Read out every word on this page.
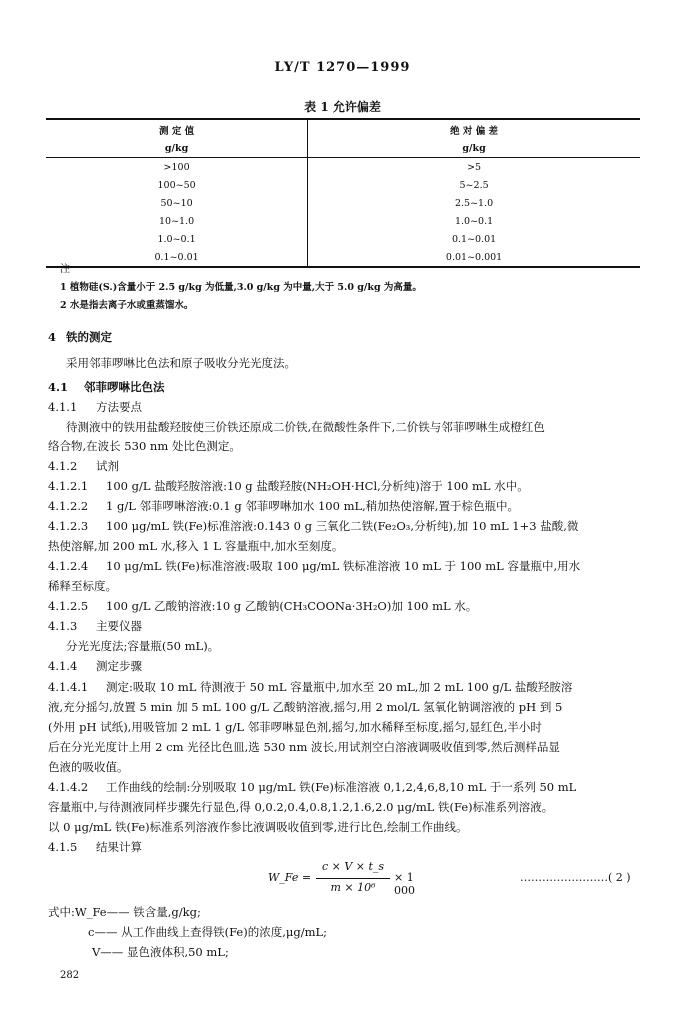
LY/T 1270—1999
表 1 允许偏差
测 定 值	绝 对 偏 差
g/kg	g/kg
>100	>5
100~50	5~2.5
50~10	2.5~1.0
10~1.0	1.0~0.1
1.0~0.1	0.1~0.01
0.1~0.01	0.01~0.001
注
1 植物硅(S.)含量小于 2.5 g/kg 为低量,3.0 g/kg 为中量,大于 5.0 g/kg 为高量。
2 水是指去离子水或重蒸馏水。
4 铁的测定
采用邻菲啰啉比色法和原子吸收分光光度法。
4.1 邻菲啰啉比色法
4.1.1 方法要点
待测液中的铁用盐酸羟胺使三价铁还原成二价铁,在微酸性条件下,二价铁与邻菲啰啉生成橙红色
络合物,在波长 530 nm 处比色测定。
4.1.2 试剂
4.1.2.1 100 g/L 盐酸羟胺溶液:10 g 盐酸羟胺(NH₂OH·HCl,分析纯)溶于 100 mL 水中。
4.1.2.2 1 g/L 邻菲啰啉溶液:0.1 g 邻菲啰啉加水 100 mL,稍加热使溶解,置于棕色瓶中。
4.1.2.3 100 μg/mL 铁(Fe)标准溶液:0.143 0 g 三氧化二铁(Fe₂O₃,分析纯),加 10 mL 1+3 盐酸,微
热使溶解,加 200 mL 水,移入 1 L 容量瓶中,加水至刻度。
4.1.2.4 10 μg/mL 铁(Fe)标准溶液:吸取 100 μg/mL 铁标准溶液 10 mL 于 100 mL 容量瓶中,用水
稀释至标度。
4.1.2.5 100 g/L 乙酸钠溶液:10 g 乙酸钠(CH₃COONa·3H₂O)加 100 mL 水。
4.1.3 主要仪器
分光光度法;容量瓶(50 mL)。
4.1.4 测定步骤
4.1.4.1 测定:吸取 10 mL 待测液于 50 mL 容量瓶中,加水至 20 mL,加 2 mL 100 g/L 盐酸羟胺溶
液,充分摇匀,放置 5 min 加 5 mL 100 g/L 乙酸钠溶液,摇匀,用 2 mol/L 氢氧化钠调溶液的 pH 到 5
(外用 pH 试纸),用吸管加 2 mL 1 g/L 邻菲啰啉显色剂,摇匀,加水稀释至标度,摇匀,显红色,半小时
后在分光光度计上用 2 cm 光径比色皿,选 530 nm 波长,用试剂空白溶液调吸收值到零,然后测样品显
色液的吸收值。
4.1.4.2 工作曲线的绘制:分别吸取 10 μg/mL 铁(Fe)标准溶液 0,1,2,4,6,8,10 mL 于一系列 50 mL
容量瓶中,与待测液同样步骤先行显色,得 0,0.2,0.4,0.8,1.2,1.6,2.0 μg/mL 铁(Fe)标准系列溶液。
以 0 μg/mL 铁(Fe)标准系列溶液作参比液调吸收值到零,进行比色,绘制工作曲线。
4.1.5 结果计算
W_Fe =
c × V × t_s
m × 10⁶
× 1 000
……………………( 2 )
式中:W_Fe—— 铁含量,g/kg;
c—— 从工作曲线上查得铁(Fe)的浓度,μg/mL;
V—— 显色液体积,50 mL;
282
